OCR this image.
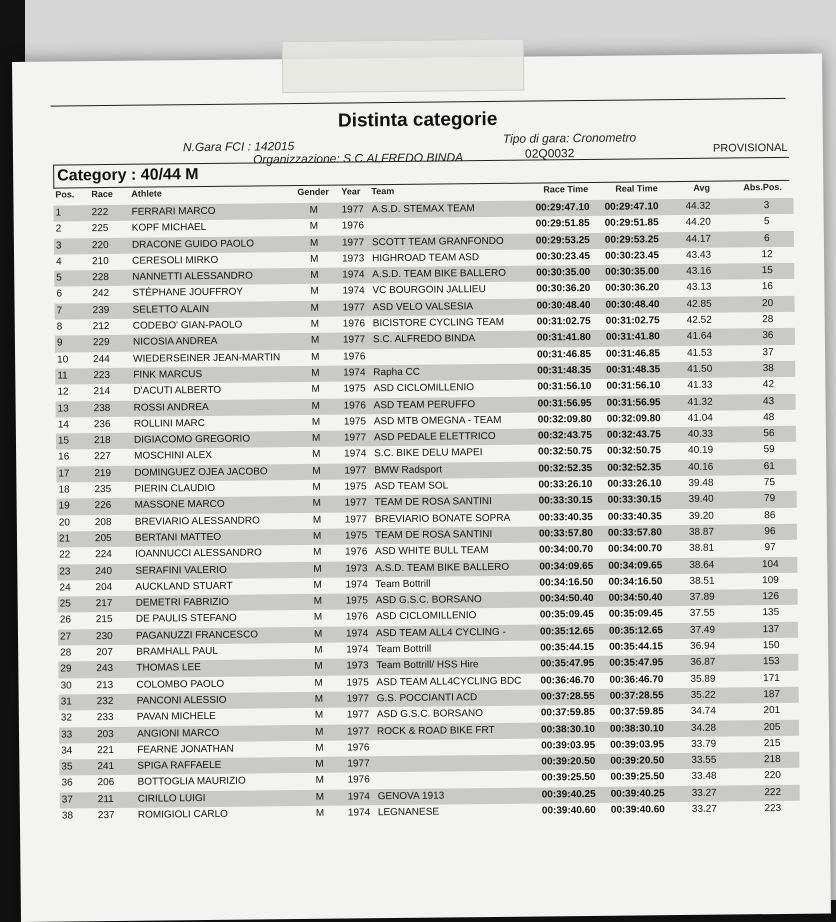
Distinta categorie
N.Gara FCI : 142015
Tipo di gara: Cronometro
Organizzazione: S.C.ALFREDO BINDA	02Q0032	PROVISIONAL
Category : 40/44 M
Pos. Race Athlete	Gender Year Team	Race Time	Real Time	Avg	Abs.Pos.
1	222 FERRARI MARCO	M 1977 A.S.D. STEMAX TEAM	00:29:47.10 00:29:47.10	44.32	3
2	225 KOPF MICHAEL	M 1976	00:29:51.85 00:29:51.85	44.20	5
3	220 DRACONE GUIDO PAOLO	M 1977 SCOTT TEAM GRANFONDO	00:29:53.25 00:29:53.25	44.17	6
4	210 CERESOLI MIRKO	M 1973 HIGHROAD TEAM ASD	00:30:23.45 00:30:23.45	43.43	12
5	228 NANNETTI ALESSANDRO	M 1974 A.S.D. TEAM BIKE BALLERO	00:30:35.00 00:30:35.00	43.16	15
6	242 STÉPHANE JOUFFROY	M 1974 VC BOURGOIN JALLIEU	00:30:36.20 00:30:36.20	43.13	16
7	239 SELETTO ALAIN	M 1977 ASD VELO VALSESIA	00:30:48.40 00:30:48.40	42.85	20
8	212 CODEBO' GIAN-PAOLO	M 1976 BICISTORE CYCLING TEAM	00:31:02.75 00:31:02.75	42.52	28
9	229 NICOSIA ANDREA	M 1977 S.C. ALFREDO BINDA	00:31:41.80 00:31:41.80	41.64	36
10 244 WIEDERSEINER JEAN-MARTIN	M 1976	00:31:46.85 00:31:46.85	41.53	37
11	223 FINK MARCUS	M 1974 Rapha CC	00:31:48.35 00:31:48.35	41.50	38
12 214 D'ACUTI ALBERTO	M 1975 ASD CICLOMILLENIO	00:31:56.10 00:31:56.10	41.33	42
13 238 ROSSI ANDREA	M 1976 ASD TEAM PERUFFO	00:31:56.95 00:31:56.95	41.32	43
14 236 ROLLINI MARC	M 1975 ASD MTB OMEGNA - TEAM	00:32:09.80 00:32:09.80	41.04	48
15 218 DIGIACOMO GREGORIO	M 1977 ASD PEDALE ELETTRICO	00:32:43.75 00:32:43.75	40.33	56
16 227 MOSCHINI ALEX	M 1974 S.C. BIKE DELU MAPEI	00:32:50.75 00:32:50.75	40.19	59
17 219 DOMINGUEZ OJEA JACOBO	M 1977 BMW Radsport	00:32:52.35 00:32:52.35	40.16	61
18 235 PIERIN CLAUDIO	M 1975 ASD TEAM SOL	00:33:26.10 00:33:26.10	39.48	75
19 226 MASSONE MARCO	M 1977 TEAM DE ROSA SANTINI	00:33:30.15 00:33:30.15	39.40	79
20 208 BREVIARIO ALESSANDRO	M 1977 BREVIARIO BONATE SOPRA	00:33:40.35 00:33:40.35	39.20	86
21 205 BERTANI MATTEO	M 1975 TEAM DE ROSA SANTINI	00:33:57.80 00:33:57.80	38.87	96
22 224 IOANNUCCI ALESSANDRO	M 1976 ASD WHITE BULL TEAM	00:34:00.70 00:34:00.70	38.81	97
23 240 SERAFINI VALERIO	M 1973 A.S.D. TEAM BIKE BALLERO	00:34:09.65 00:34:09.65	38.64	104
24 204 AUCKLAND STUART	M 1974 Team Bottrill	00:34:16.50 00:34:16.50	38.51	109
25 217 DEMETRI FABRIZIO	M 1975 ASD G.S.C. BORSANO	00:34:50.40 00:34:50.40	37.89	126
26 215 DE PAULIS STEFANO	M 1976 ASD CICLOMILLENIO	00:35:09.45 00:35:09.45	37.55	135
27 230 PAGANUZZI FRANCESCO	M 1974 ASD TEAM ALL4 CYCLING -	00:35:12.65 00:35:12.65	37.49	137
28 207 BRAMHALL PAUL	M 1974 Team Bottrill	00:35:44.15 00:35:44.15	36.94	150
29 243 THOMAS LEE	M 1973 Team Bottrill/ HSS Hire	00:35:47.95 00:35:47.95	36.87	153
30 213 COLOMBO PAOLO	M 1975 ASD TEAM ALL4CYCLING BDC 00:36:46.70 00:36:46.70	35.89	171
31 232 PANCONI ALESSIO	M 1977 G.S. POCCIANTI ACD	00:37:28.55 00:37:28.55	35.22	187
32 233 PAVAN MICHELE	M 1977 ASD G.S.C. BORSANO	00:37:59.85 00:37:59.85	34.74	201
33 203 ANGIONI MARCO	M 1977 ROCK & ROAD BIKE FRT	00:38:30.10 00:38:30.10	34.28	205
34 221 FEARNE JONATHAN	M 1976	00:39:03.95 00:39:03.95	33.79	215
35 241 SPIGA RAFFAELE	M 1977	00:39:20.50 00:39:20.50	33.55	218
36 206 BOTTOGLIA MAURIZIO	M 1976	00:39:25.50 00:39:25.50	33.48	220
37 211 CIRILLO LUIGI	M 1974 GENOVA 1913	00:39:40.25 00:39:40.25	33.27	222
38 237 ROMIGIOLI CARLO	M 1974 LEGNANESE	00:39:40.60 00:39:40.60	33.27	223
